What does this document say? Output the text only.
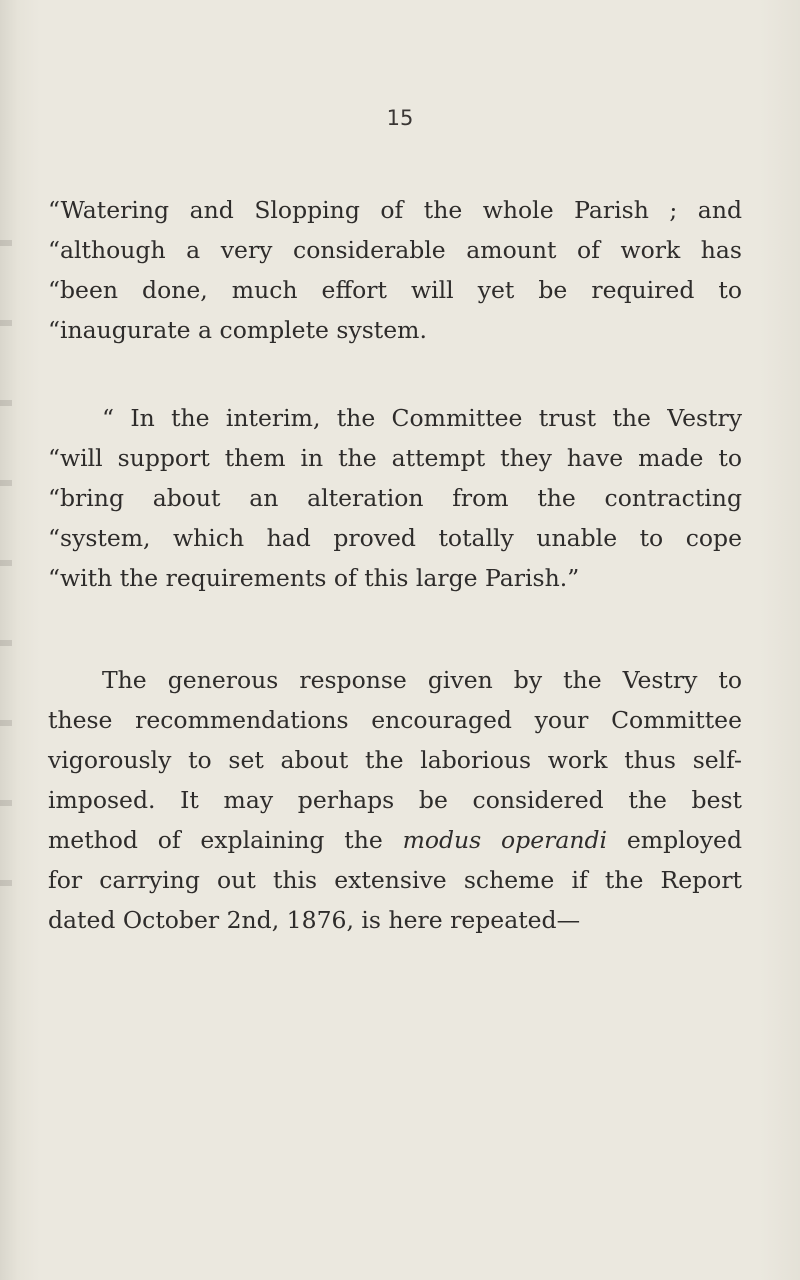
15
“Watering and Slopping of the whole Parish ; and
“although a very considerable amount of work has
“been done, much effort will yet be required to
“inaugurate a complete system.
“ In the interim, the Committee trust the Vestry
“will support them in the attempt they have made to
“bring about an alteration from the contracting
“system, which had proved totally unable to cope
“with the requirements of this large Parish.”
The generous response given by the Vestry to
these recommendations encouraged your Committee
vigorously to set about the laborious work thus self-
imposed. It may perhaps be considered the best
method of explaining the modus operandi employed
for carrying out this extensive scheme if the Report
dated October 2nd, 1876, is here repeated—
